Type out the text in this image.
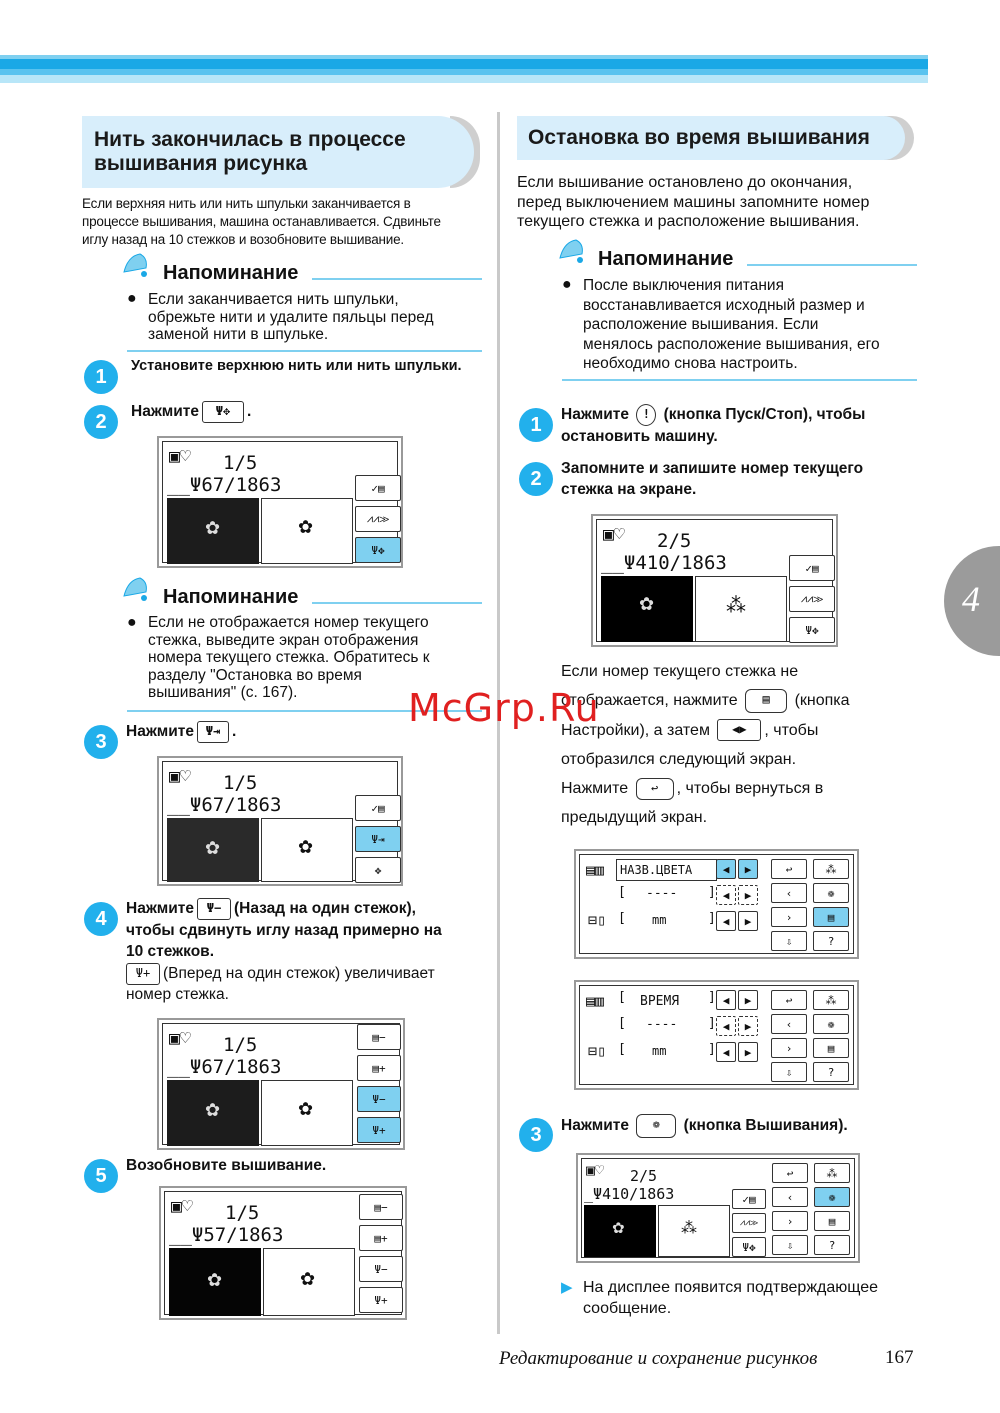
4
Нить закончилась в процессе
вышивания рисунка
Если верхняя нить или нить шпульки заканчивается в
процессе вышивания, машина останавливается. Сдвиньте
иглу назад на 10 стежков и возобновите вышивание.
Напоминание
● Если заканчивается нить шпульки,
обрежьте нити и удалите пяльцы перед
заменой нити в шпульке.
1	Установите верхнюю нить или нить шпульки.
2	Нажмите Ψ✥ .
▣♡ 1/5
__Ψ67/1863
✿	✿
✓▤
⩘⩘≫
Ψ✥
Напоминание
● Если не отображается номер текущего
стежка, выведите экран отображения
номера текущего стежка. Обратитесь к
разделу "Остановка во время
вышивания" (с. 167).
3	Нажмите Ψ⇥ .
▣♡ 1/5
__Ψ67/1863
✿	✿
✓▤
Ψ⇥
✥
4	Нажмите Ψ− (Назад на один стежок),
чтобы сдвинуть иглу назад примерно на
10 стежков.
Ψ+ (Вперед на один стежок) увеличивает
номер стежка.
▣♡ 1/5
__Ψ67/1863
✿	✿
▤−
▤+
Ψ−
Ψ+
5	Возобновите вышивание.
▣♡ 1/5
__Ψ57/1863
✿	✿
▤−
▤+
Ψ−
Ψ+
Остановка во время вышивания
Если вышивание остановлено до окончания,
перед выключением машины запомните номер
текущего стежка и расположение вышивания.
Напоминание
● После выключения питания
восстанавливается исходный размер и
расположение вышивания. Если
менялось расположение вышивания, его
необходимо снова настроить.
1	Нажмите ! (кнопка Пуск/Стоп), чтобы
остановить машину.
2	Запомните и запишите номер текущего
стежка на экране.
▣♡ 2/5
__Ψ410/1863
✿	⁂
✓▤
⩘⩘≫
Ψ✥
Если номер текущего стежка не
отображается, нажмите ▤ (кнопка
Настройки), а затем ◀▶ , чтобы
отобразился следующий экран.
Нажмите ↩ , чтобы вернуться в
предыдущий экран.
▤▥	НАЗВ.ЦВЕТА	◀	▶
[ ---- ] ◀	▶
⊟▯ [ mm	] ◀	▶
↩	⁂
‹	❁
›	▤
⇩	?
▤▥ [ ВРЕМЯ ] ◀	▶
[ ---- ] ◀	▶
⊟▯ [ mm	] ◀	▶
↩	⁂
‹	❁
›	▤
⇩	?
3	Нажмите ❁ (кнопка Вышивания).
▣♡ 2/5
_Ψ410/1863
✿	⁂
✓▤
⩘⩘≫
Ψ✥
↩	⁂
‹	❁
›	▤
⇩	?
▶ На дисплее появится подтверждающее
сообщение.
Редактирование и сохранение рисунков	167
McGrp.Ru
